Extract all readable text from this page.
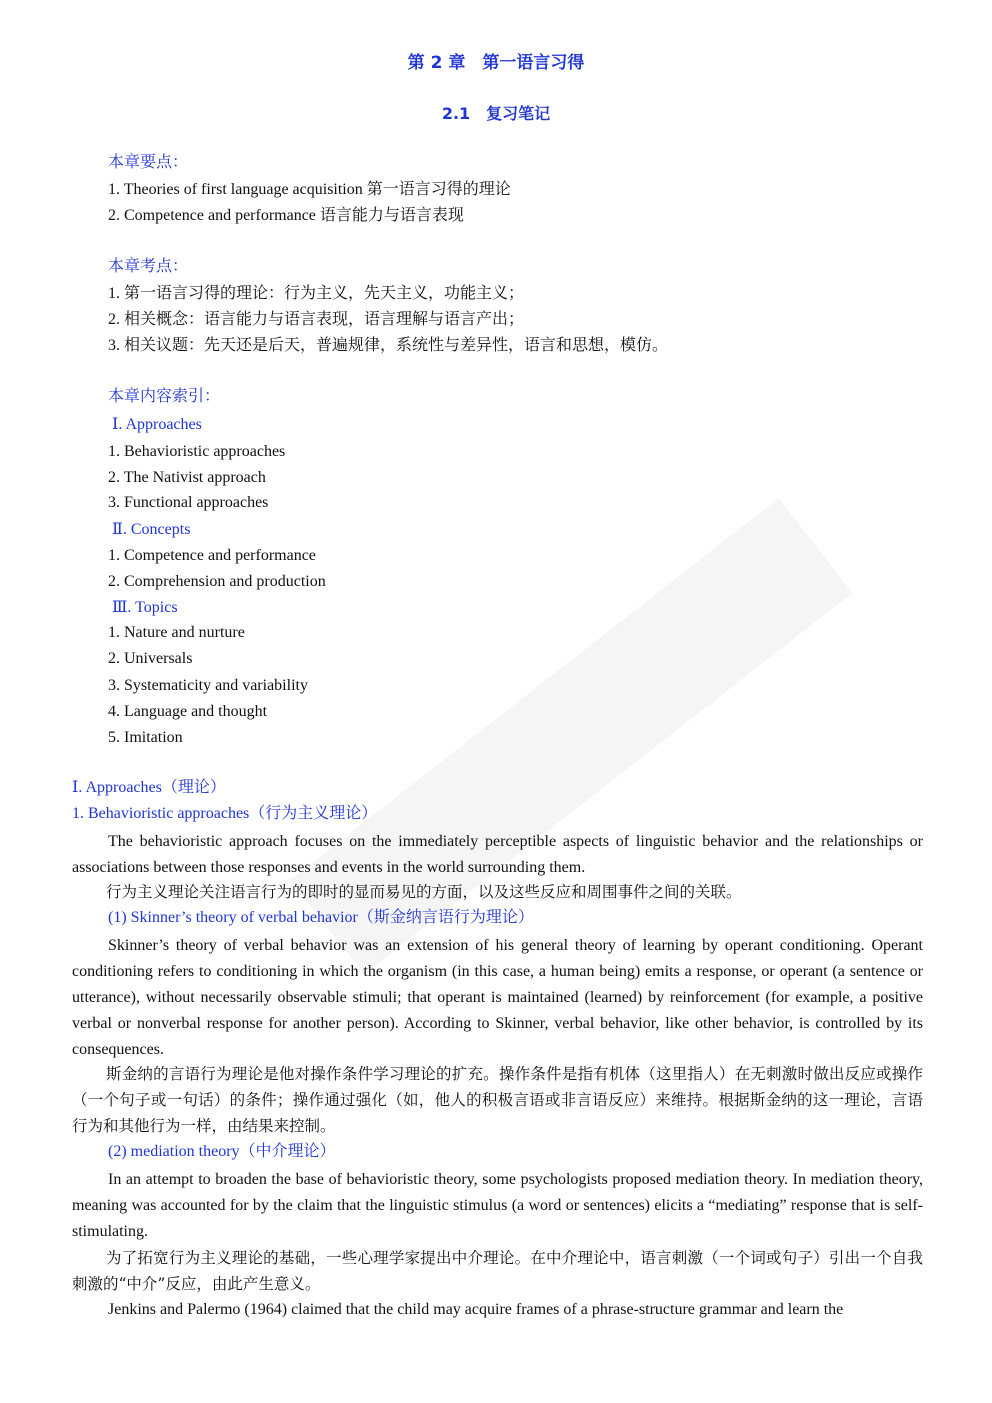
第 2 章　第一语言习得
2.1　复习笔记
本章要点：
1. Theories of first language acquisition 第一语言习得的理论
2. Competence and performance 语言能力与语言表现
本章考点：
1. 第一语言习得的理论：行为主义，先天主义，功能主义；
2. 相关概念：语言能力与语言表现，语言理解与语言产出；
3. 相关议题：先天还是后天，普遍规律，系统性与差异性，语言和思想，模仿。
本章内容索引：
Ⅰ. Approaches
1. Behavioristic approaches
2. The Nativist approach
3. Functional approaches
Ⅱ. Concepts
1. Competence and performance
2. Comprehension and production
Ⅲ. Topics
1. Nature and nurture
2. Universals
3. Systematicity and variability
4. Language and thought
5. Imitation
Ⅰ. Approaches（理论）
1. Behavioristic approaches（行为主义理论）
The behavioristic approach focuses on the immediately perceptible aspects of linguistic behavior and the relationships or associations between those responses and events in the world surrounding them.
行为主义理论关注语言行为的即时的显而易见的方面，以及这些反应和周围事件之间的关联。
(1) Skinner’s theory of verbal behavior（斯金纳言语行为理论）
Skinner’s theory of verbal behavior was an extension of his general theory of learning by operant conditioning. Operant conditioning refers to conditioning in which the organism (in this case, a human being) emits a response, or operant (a sentence or utterance), without necessarily observable stimuli; that operant is maintained (learned) by reinforcement (for example, a positive verbal or nonverbal response for another person). According to Skinner, verbal behavior, like other behavior, is controlled by its consequences.
斯金纳的言语行为理论是他对操作条件学习理论的扩充。操作条件是指有机体（这里指人）在无刺激时做出反应或操作（一个句子或一句话）的条件；操作通过强化（如，他人的积极言语或非言语反应）来维持。根据斯金纳的这一理论，言语行为和其他行为一样，由结果来控制。
(2) mediation theory（中介理论）
In an attempt to broaden the base of behavioristic theory, some psychologists proposed mediation theory. In mediation theory, meaning was accounted for by the claim that the linguistic stimulus (a word or sentences) elicits a “mediating” response that is self-stimulating.
为了拓宽行为主义理论的基础，一些心理学家提出中介理论。在中介理论中，语言刺激（一个词或句子）引出一个自我刺激的“中介”反应，由此产生意义。
Jenkins and Palermo (1964) claimed that the child may acquire frames of a phrase-structure grammar and learn the
